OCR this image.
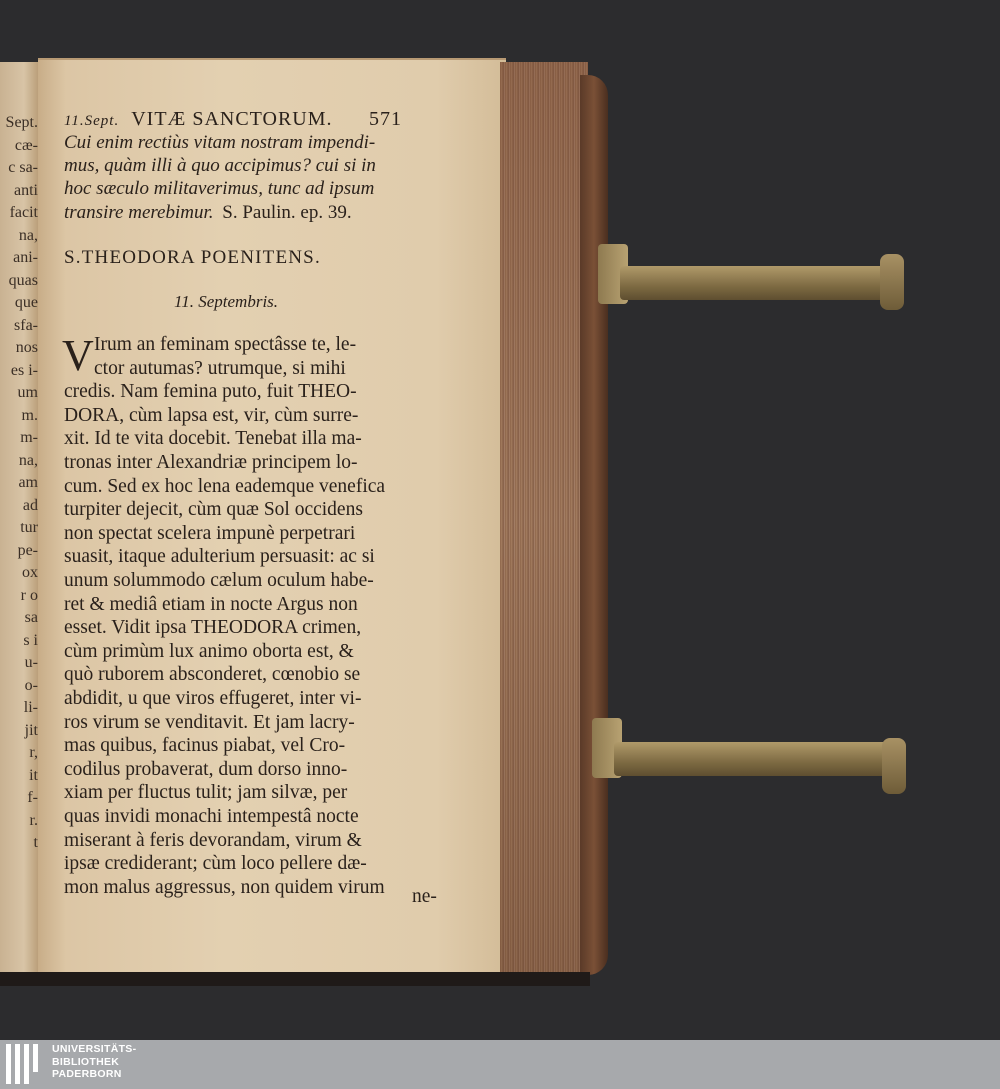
Sept.
cæ-
c sa-
anti
facit
na,
ani-
quas
que
sfa-
nos
es i-
um
m.
m-
na,
am
ad
tur
pe-
ox
r o
sa
s i
u-
o-
li-
jit
r,
it
f-
r.
t
11.Sept. VITÆ SANCTORUM. 571
Cui enim rectiùs vitam nostram impendi-
mus, quàm illi à quo accipimus? cui si in
hoc sæculo militaverimus, tunc ad ipsum
transire merebimur. S. Paulin. ep. 39.
S.THEODORA POENITENS.
11. Septembris.
V Irum an feminam spectâsse te, le-
ctor autumas? utrumque, si mihi
credis. Nam femina puto, fuit THEO-
DORA, cùm lapsa est, vir, cùm surre-
xit. Id te vita docebit. Tenebat illa ma-
tronas inter Alexandriæ principem lo-
cum. Sed ex hoc lena eademque venefica
turpiter dejecit, cùm quæ Sol occidens
non spectat scelera impunè perpetrari
suasit, itaque adulterium persuasit: ac si
unum solummodo cælum oculum habe-
ret & mediâ etiam in nocte Argus non
esset. Vidit ipsa THEODORA crimen,
cùm primùm lux animo oborta est, &
quò ruborem absconderet, cœnobio se
abdidit, u que viros effugeret, inter vi-
ros virum se venditavit. Et jam lacry-
mas quibus, facinus piabat, vel Cro-
codilus probaverat, dum dorso inno-
xiam per fluctus tulit; jam silvæ, per
quas invidi monachi intempestâ nocte
miserant à feris devorandam, virum &
ipsæ crediderant; cùm loco pellere dæ-
mon malus aggressus, non quidem virum ne-
UNIVERSITÄTS-
BIBLIOTHEK
PADERBORN
